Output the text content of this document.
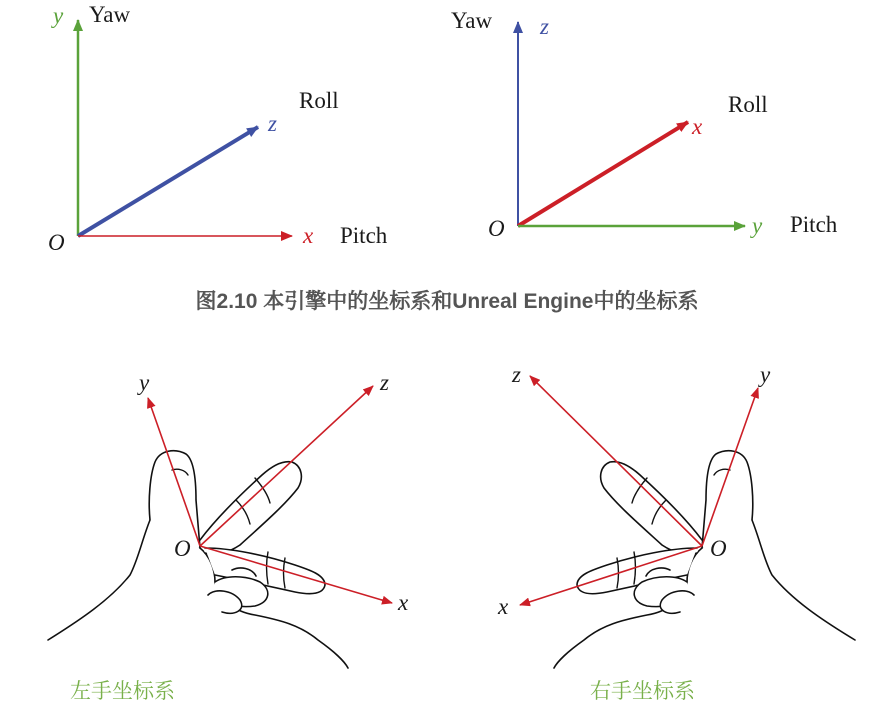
y Yaw
Roll
z
O	x Pitch
Yaw z
Roll
x
O	y Pitch
图2.10 本引擎中的坐标系和Unreal Engine中的坐标系
y	z
x
O
左手坐标系
y
z
x
O
右手坐标系
